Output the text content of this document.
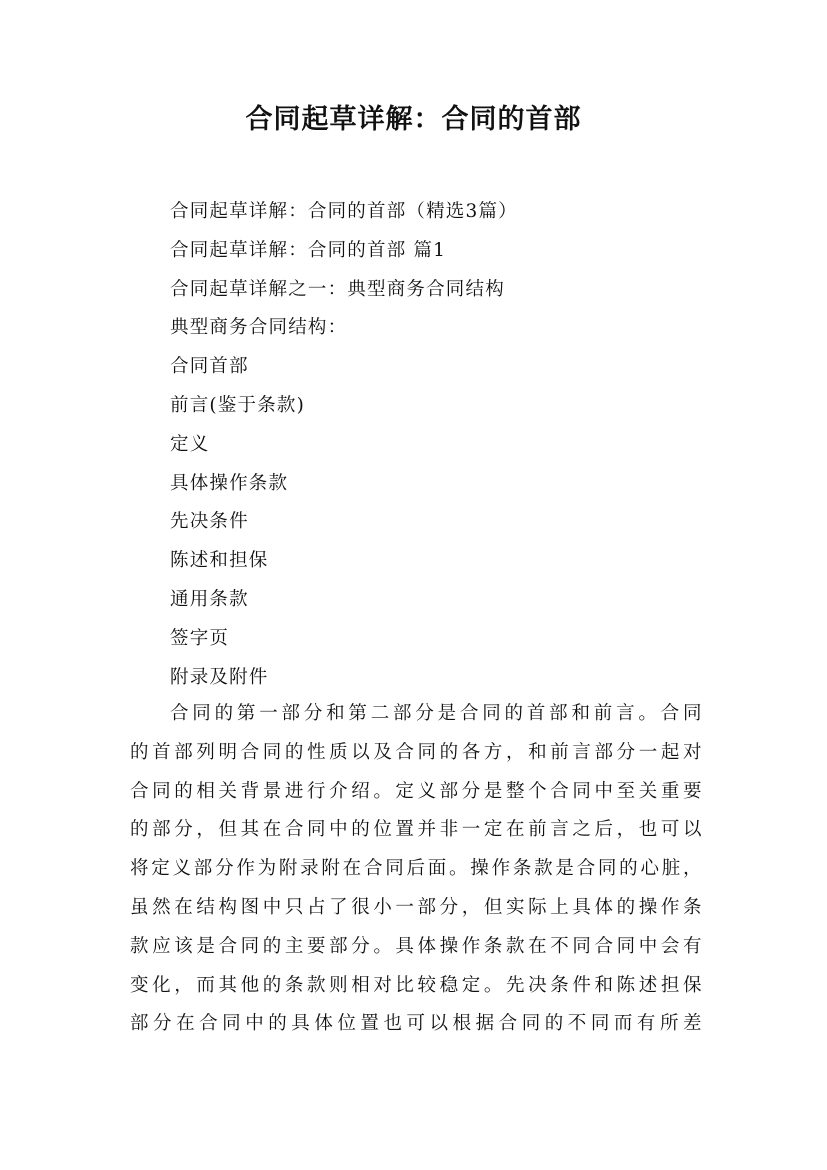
合同起草详解：合同的首部
合同起草详解：合同的首部（精选3篇）
合同起草详解：合同的首部 篇1
合同起草详解之一：典型商务合同结构
典型商务合同结构：
合同首部
前言(鉴于条款)
定义
具体操作条款
先决条件
陈述和担保
通用条款
签字页
附录及附件
合同的第一部分和第二部分是合同的首部和前言。合同
的首部列明合同的性质以及合同的各方，和前言部分一起对
合同的相关背景进行介绍。定义部分是整个合同中至关重要
的部分，但其在合同中的位置并非一定在前言之后，也可以
将定义部分作为附录附在合同后面。操作条款是合同的心脏，
虽然在结构图中只占了很小一部分，但实际上具体的操作条
款应该是合同的主要部分。具体操作条款在不同合同中会有
变化，而其他的条款则相对比较稳定。先决条件和陈述担保
部分在合同中的具体位置也可以根据合同的不同而有所差
